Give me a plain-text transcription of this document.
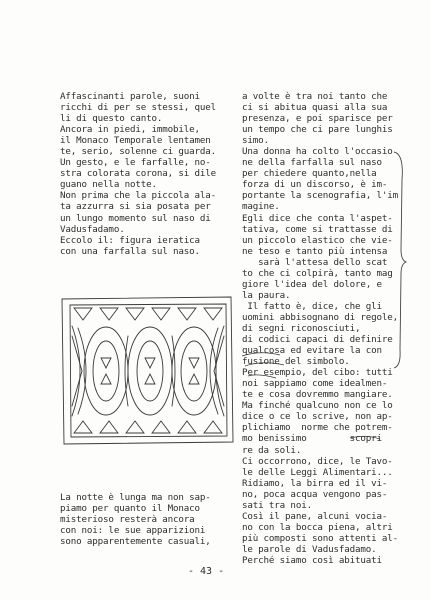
Affascinanti parole, suoni
ricchi di per se stessi, quel
li di questo canto.
Ancora in piedi, immobile,
il Monaco Temporale lentamen
te, serio, solenne ci guarda.
Un gesto, e le farfalle, no-
stra colorata corona, si dile
guano nella notte.
Non prima che la piccola ala-
ta azzurra si sia posata per
un lungo momento sul naso di
Vadusfadamo.
Eccolo il: figura ieratica
con una farfalla sul naso.
La notte è lunga ma non sap-
piamo per quanto il Monaco
misterioso resterà ancora
con noi: le sue apparizioni
sono apparentemente casuali,
a volte è tra noi tanto che
ci si abitua quasi alla sua
presenza, e poi sparisce per
un tempo che ci pare lunghis
simo.
Una donna ha colto l'occasio
ne della farfalla sul naso
per chiedere quanto,nella
forza di un discorso, è im-
portante la scenografia, l'im
magine.
Egli dice che conta l'aspet-
tativa, come si trattasse di
un piccolo elastico che vie-
ne teso e tanto più intensa
sarà l'attesa dello scat
to che ci colpirà, tanto mag
giore l'idea del dolore, e
la paura.
Il fatto è, dice, che gli
uomini abbisognano di regole,
di segni riconosciuti,
di codici capaci di definire
qualcosa ed evitare la con
fusione del simbolo.
Per esempio, del cibo: tutti
noi sappiamo come idealmen-
te e cosa dovremmo mangiare.
Ma finché qualcuno non ce lo
dice o ce lo scrive, non ap-
plichiamo  norme che potrem-
mo benissimo        scopri
re da soli.
Ci occorrono, dice, le Tavo-
le delle Leggi Alimentari...
Ridiamo, la birra ed il vi-
no, poca acqua vengono pas-
sati tra noi.
Così il pane, alcuni vocia-
no con la bocca piena, altri
più composti sono attenti al-
le parole di Vadusfadamo.
Perché siamo così abituati
- 43 -
